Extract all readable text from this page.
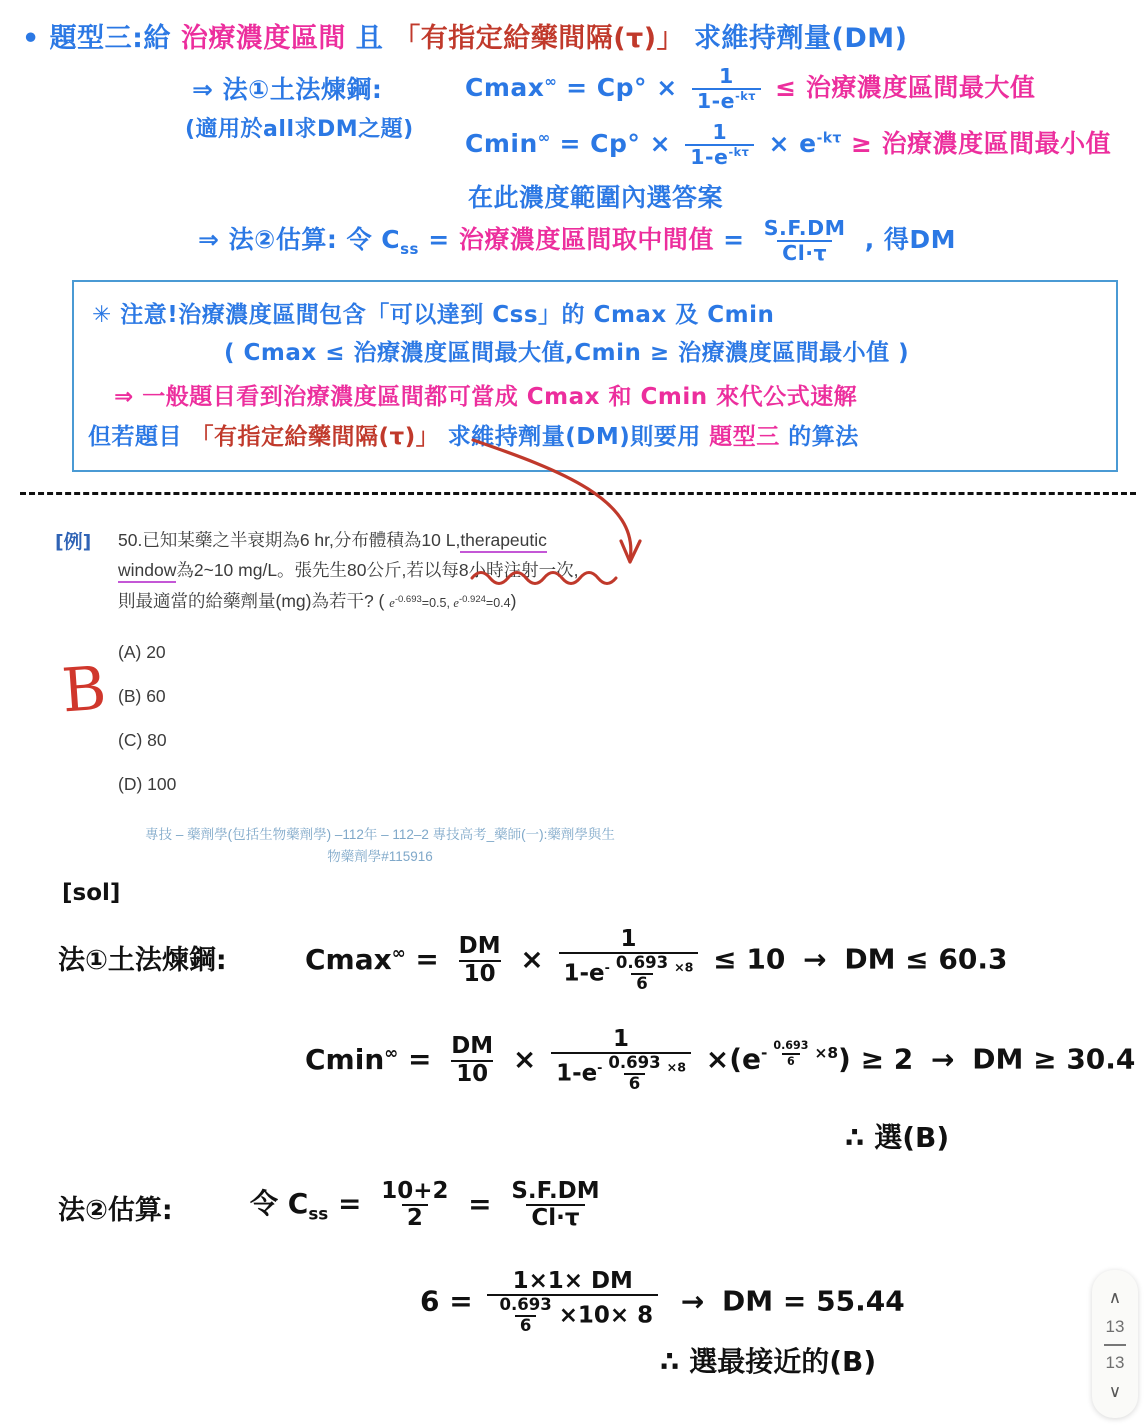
• 題型三:給 治療濃度區間 且 「有指定給藥間隔(τ)」 求維持劑量(DM)
⇒ 法①土法煉鋼:
(適用於all求DM之題)
$Cmax^\infty = Cp^\circ \times \frac{1}{1-e^{-k\tau}}$ ≤ 治療濃度區間最大值
$Cmin^\infty = Cp^\circ \times \frac{1}{1-e^{-k\tau}} \times e^{-k\tau}$ ≥ 治療濃度區間最小值
在此濃度範圍內選答案
⇒ 法②估算: 令 $C_{ss}$ = 治療濃度區間取中間值 = $\frac{S.F.DM}{Cl\cdot\tau}$ , 得DM
✳ 注意!治療濃度區間包含「可以達到 Css」的 Cmax 及 Cmin
( Cmax ≤ 治療濃度區間最大值,Cmin ≥ 治療濃度區間最小值 )
⇒ 一般題目看到治療濃度區間都可當成 Cmax 和 Cmin 來代公式速解
但若題目 「有指定給藥間隔(τ)」 求維持劑量(DM)則要用 題型三 的算法
[例] 50.已知某藥之半衰期為6 hr,分布體積為10 L,therapeutic
window為2~10 mg/L。張先生80公斤,若以每8小時注射一次,
則最適當的給藥劑量(mg)為若干? ( $e^{-0.693}=0.5$, $e^{-0.924}=0.4$)
(A) 20
(B) 60
(C) 80
(D) 100
B
專技 – 藥劑學(包括生物藥劑學) –112年 – 112–2 專技高考_藥師(一):藥劑學與生
物藥劑學#115916
[sol]
法①土法煉鋼:	$Cmax^\infty = \frac{DM}{10} \times \frac{1}{1-e^- \frac{0.693}{6} ^{\times 8}} \le 10$ → DM ≤ 60.3
$Cmin^\infty = \frac{DM}{10} \times \frac{1}{1-e^- \frac{0.693}{6} ^{\times 8}} \times(e^{- \frac{0.693}{6} \times 8}) \ge 2$ → DM ≥ 30.4
∴ 選(B)
法②估算:	令 $C_{ss} = \frac{10+2}{2} = \frac{S.F.DM}{Cl\cdot\tau}$
$6 = \frac{1\times 1\times DM}{\frac{0.693}{6} \times 10\times 8}$ → DM = 55.44
∴ 選最接近的(B)
∧
13
13
∨
